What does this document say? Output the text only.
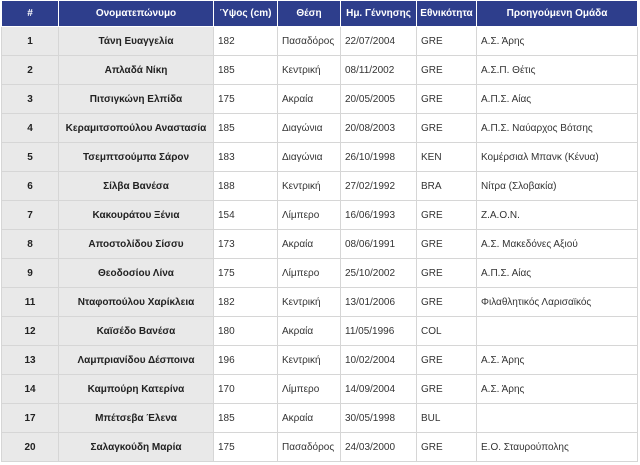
#	Ονοματεπώνυμο	Ύψος (cm)	Θέση	Ημ. Γέννησης	Εθνικότητα	Προηγούμενη Ομάδα
1	Τάνη Ευαγγελία	182	Πασαδόρος	22/07/2004	GRE	Α.Σ. Άρης
2	Απλαδά Νίκη	185	Κεντρική	08/11/2002	GRE	Α.Σ.Π. Θέτις
3	Πιτσιγκώνη Ελπίδα	175	Ακραία	20/05/2005	GRE	Α.Π.Σ. Αίας
4	Κεραμιτσοπούλου Αναστασία	185	Διαγώνια	20/08/2003	GRE	Α.Π.Σ. Ναύαρχος Βότσης
5	Τσεμπτσούμπα Σάρον	183	Διαγώνια	26/10/1998	KEN	Κομέρσιαλ Μπανκ (Κένυα)
6	Σίλβα Βανέσα	188	Κεντρική	27/02/1992	BRA	Νίτρα (Σλοβακία)
7	Κακουράτου Ξένια	154	Λίμπερο	16/06/1993	GRE	Ζ.Α.Ο.Ν.
8	Αποστολίδου Σίσσυ	173	Ακραία	08/06/1991	GRE	Α.Σ. Μακεδόνες Αξιού
9	Θεοδοσίου Λίνα	175	Λίμπερο	25/10/2002	GRE	Α.Π.Σ. Αίας
11	Νταφοπούλου Χαρίκλεια	182	Κεντρική	13/01/2006	GRE	Φιλαθλητικός Λαρισαϊκός
12	Καϊσέδο Βανέσα	180	Ακραία	11/05/1996	COL	
13	Λαμπριανίδου Δέσποινα	196	Κεντρική	10/02/2004	GRE	Α.Σ. Άρης
14	Καμπούρη Κατερίνα	170	Λίμπερο	14/09/2004	GRE	Α.Σ. Άρης
17	Μπέτσεβα Έλενα	185	Ακραία	30/05/1998	BUL	
20	Σαλαγκούδη Μαρία	175	Πασαδόρος	24/03/2000	GRE	Ε.Ο. Σταυρούπολης
